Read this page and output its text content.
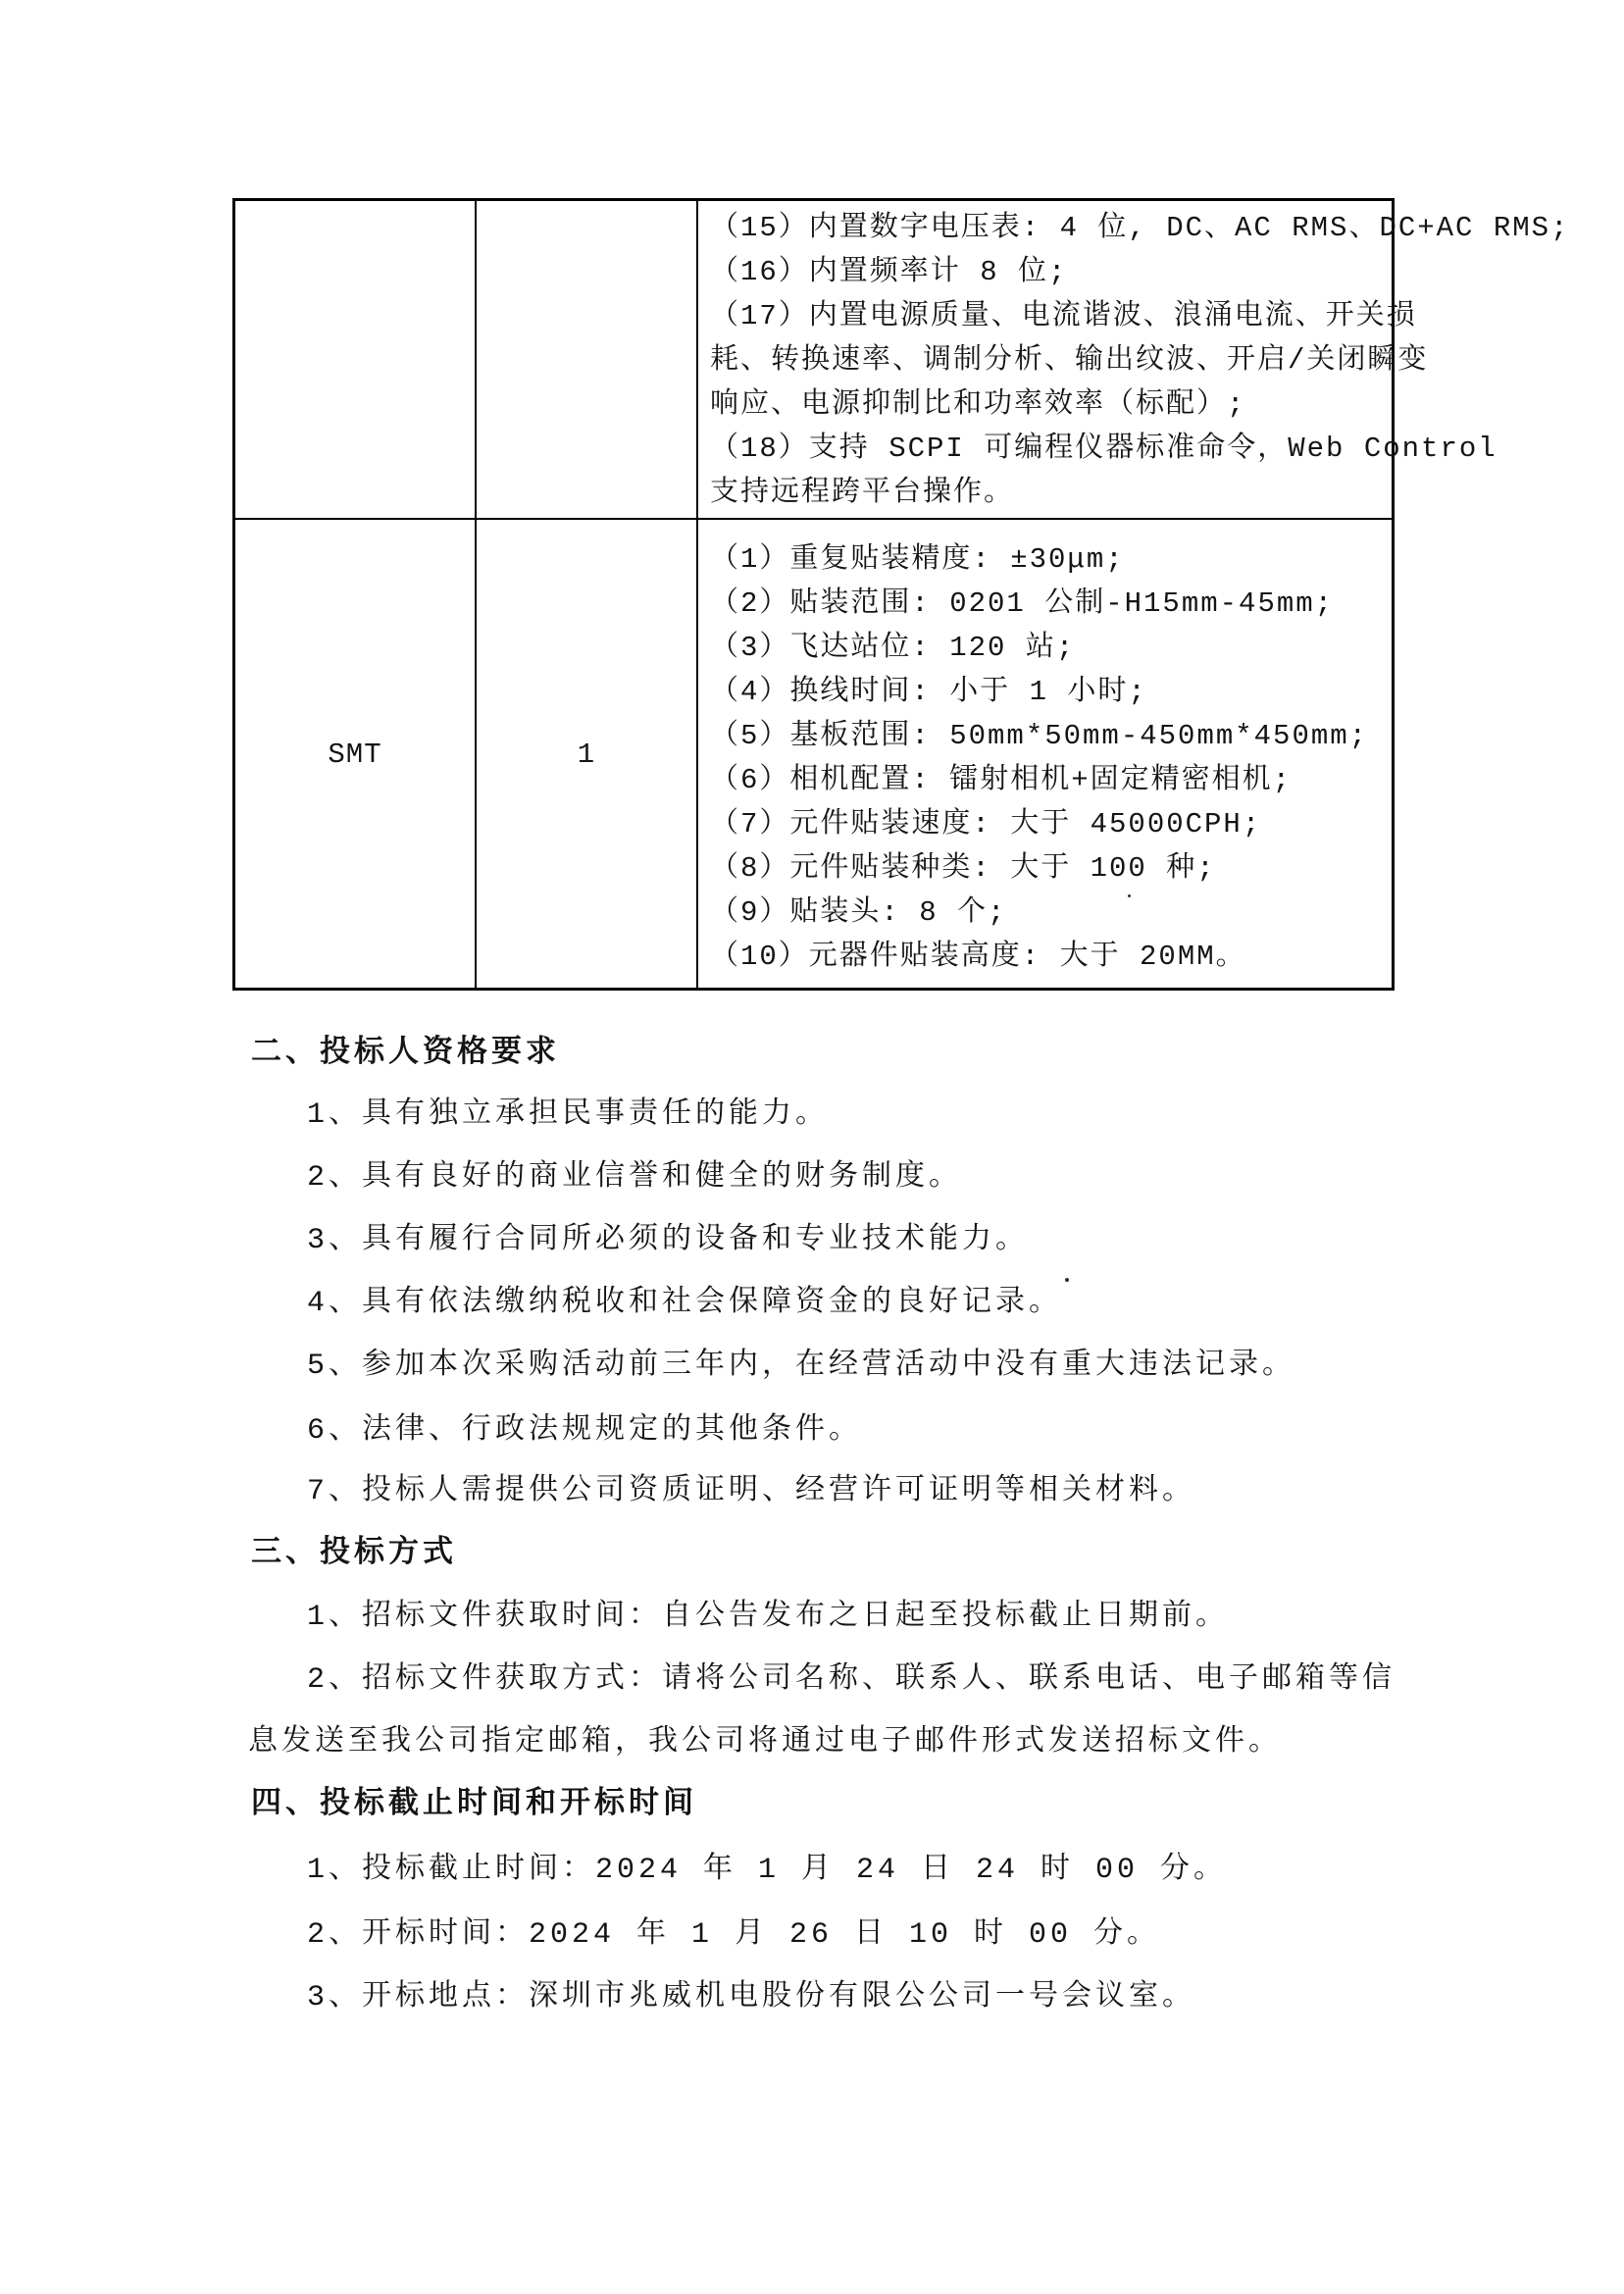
（15）内置数字电压表: 4 位, DC、AC RMS、DC+AC RMS;
（16）内置频率计 8 位;
（17）内置电源质量、电流谐波、浪涌电流、开关损
耗、转换速率、调制分析、输出纹波、开启/关闭瞬变
响应、电源抑制比和功率效率（标配）;
（18）支持 SCPI 可编程仪器标准命令，Web Control
支持远程跨平台操作。
SMT	1
（1）重复贴装精度: ±30μm;
（2）贴装范围: 0201 公制-H15mm-45mm;
（3）飞达站位: 120 站;
（4）换线时间: 小于 1 小时;
（5）基板范围: 50mm*50mm-450mm*450mm;
（6）相机配置: 镭射相机+固定精密相机;
（7）元件贴装速度: 大于 45000CPH;
（8）元件贴装种类: 大于 100 种;
（9）贴装头: 8 个;
（10）元器件贴装高度: 大于 20MM。
二、投标人资格要求
1、具有独立承担民事责任的能力。
2、具有良好的商业信誉和健全的财务制度。
3、具有履行合同所必须的设备和专业技术能力。
4、具有依法缴纳税收和社会保障资金的良好记录。
5、参加本次采购活动前三年内，在经营活动中没有重大违法记录。
6、法律、行政法规规定的其他条件。
7、投标人需提供公司资质证明、经营许可证明等相关材料。
三、投标方式
1、招标文件获取时间：自公告发布之日起至投标截止日期前。
2、招标文件获取方式：请将公司名称、联系人、联系电话、电子邮箱等信
息发送至我公司指定邮箱，我公司将通过电子邮件形式发送招标文件。
四、投标截止时间和开标时间
1、投标截止时间：2024 年 1 月 24 日 24 时 00 分。
2、开标时间：2024 年 1 月 26 日 10 时 00 分。
3、开标地点：深圳市兆威机电股份有限公公司一号会议室。
